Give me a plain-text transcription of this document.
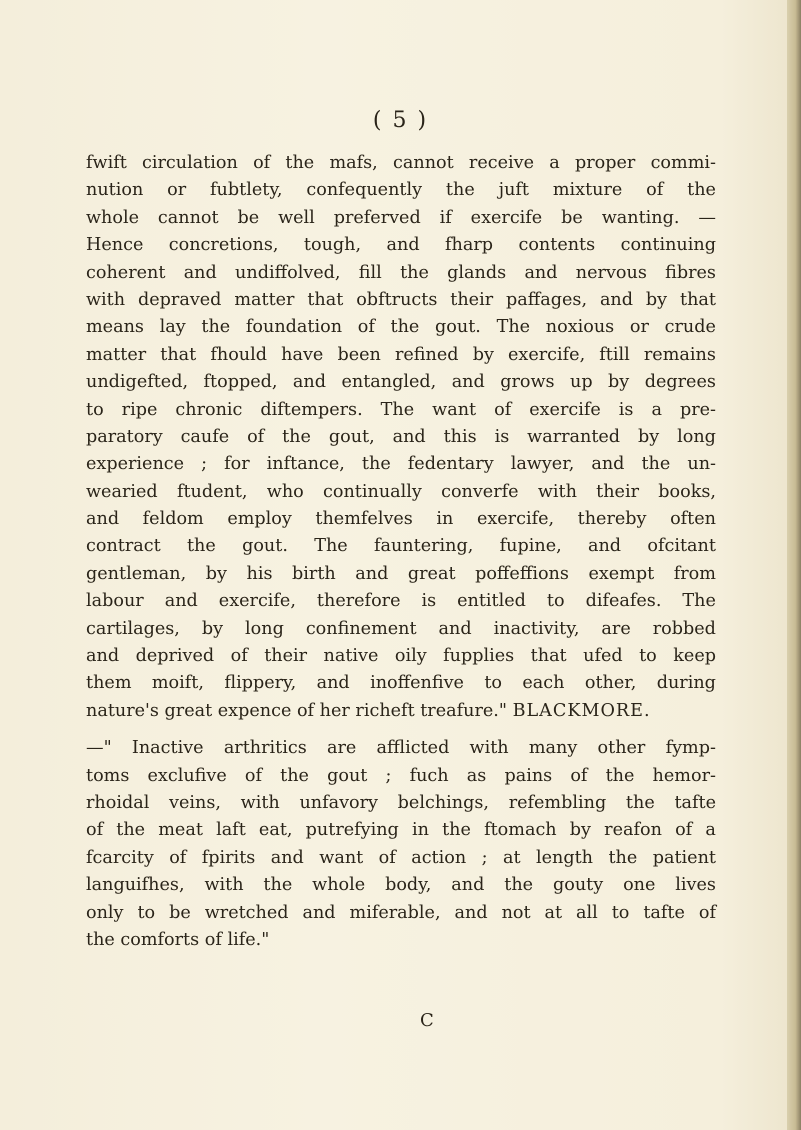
( 5 )
fwift circulation of the mafs, cannot receive a proper commi-
nution or fubtlety, confequently the juft mixture of the
whole cannot be well preferved if exercife be wanting. —
Hence concretions, tough, and fharp contents continuing
coherent and undiffolved, fill the glands and nervous fibres
with depraved matter that obftructs their paffages, and by that
means lay the foundation of the gout. The noxious or crude
matter that fhould have been refined by exercife, ftill remains
undigefted, ftopped, and entangled, and grows up by degrees
to ripe chronic diftempers. The want of exercife is a pre-
paratory caufe of the gout, and this is warranted by long
experience ; for inftance, the fedentary lawyer, and the un-
wearied ftudent, who continually converfe with their books,
and feldom employ themfelves in exercife, thereby often
contract the gout. The fauntering, fupine, and ofcitant
gentleman, by his birth and great poffeffions exempt from
labour and exercife, therefore is entitled to difeafes. The
cartilages, by long confinement and inactivity, are robbed
and deprived of their native oily fupplies that ufed to keep
them moift, flippery, and inoffenfive to each other, during
nature's great expence of her richeft treafure." BLACKMORE.
—" Inactive arthritics are afflicted with many other fymp-
toms exclufive of the gout ; fuch as pains of the hemor-
rhoidal veins, with unfavory belchings, refembling the tafte
of the meat laft eat, putrefying in the ftomach by reafon of a
fcarcity of fpirits and want of action ; at length the patient
languifhes, with the whole body, and the gouty one lives
only to be wretched and miferable, and not at all to tafte of
the comforts of life."
C
